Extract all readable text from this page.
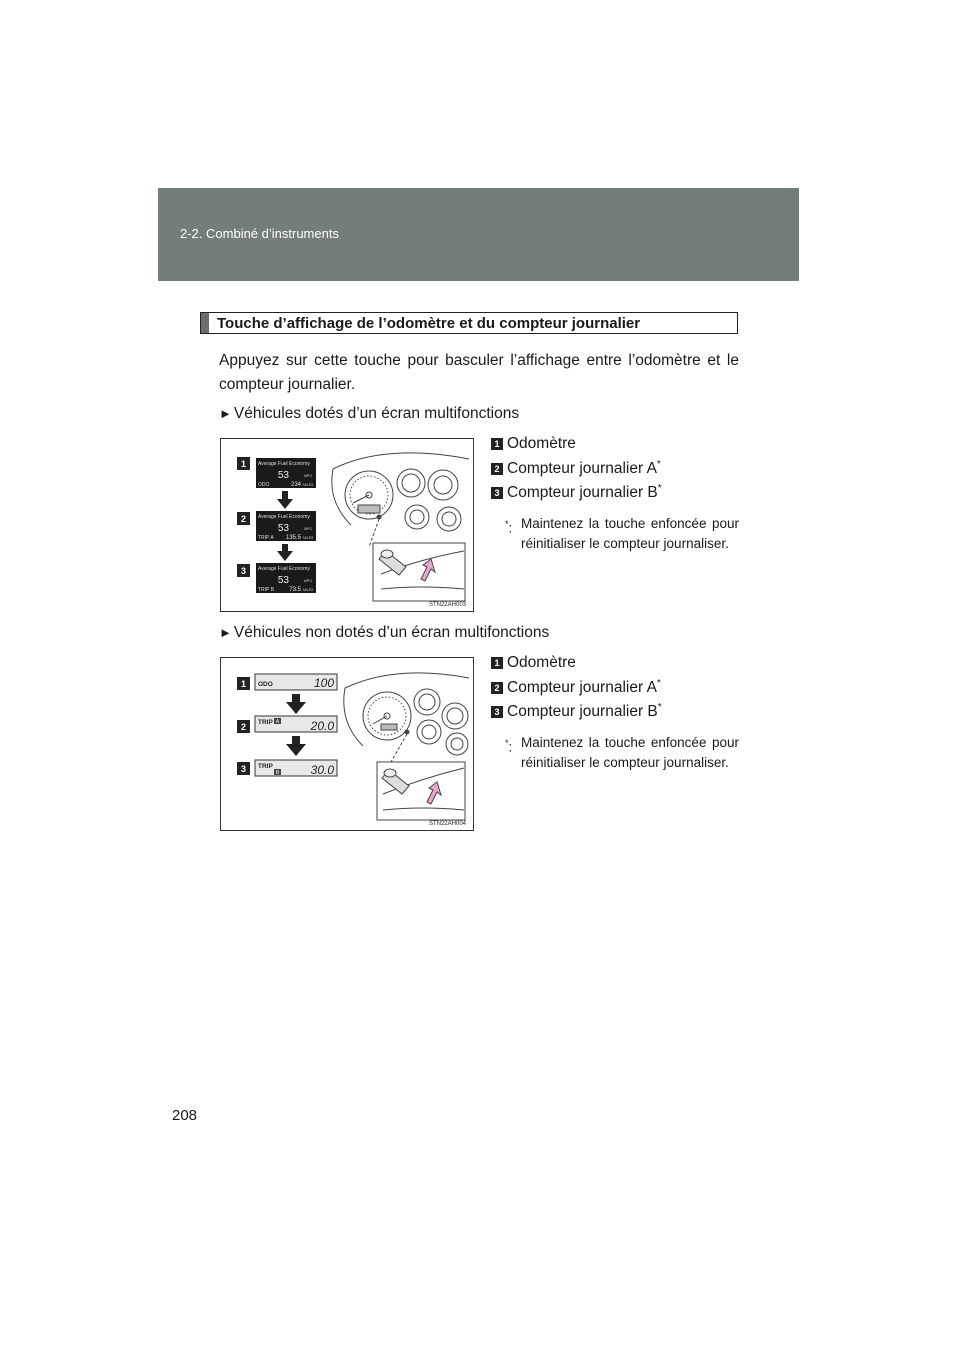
2-2. Combiné d’instruments
Touche d’affichage de l’odomètre et du compteur journalier
Appuyez sur cette touche pour basculer l’affichage entre l’odomètre et le compteur journalier.
► Véhicules dotés d’un écran multifonctions
1
2
3
Average Fuel Economy
53	MPG
ODO	234 MILES
Average Fuel Economy
53	MPG
TRIP A 135.5 MILES
Average Fuel Economy
53	MPG
TRIP B	73.5 MILES
STN22AH003
1 Odomètre
2 Compteur journalier A*
3 Compteur journalier B*
*: Maintenez la touche enfoncée pour réinitialiser le compteur journaliser.
► Véhicules non dotés d’un écran multifonctions
1
2
3
ODO	100
TRIP A	20.0
TRIP
B	30.0
STN22AH004
1 Odomètre
2 Compteur journalier A*
3 Compteur journalier B*
*: Maintenez la touche enfoncée pour réinitialiser le compteur journaliser.
208
